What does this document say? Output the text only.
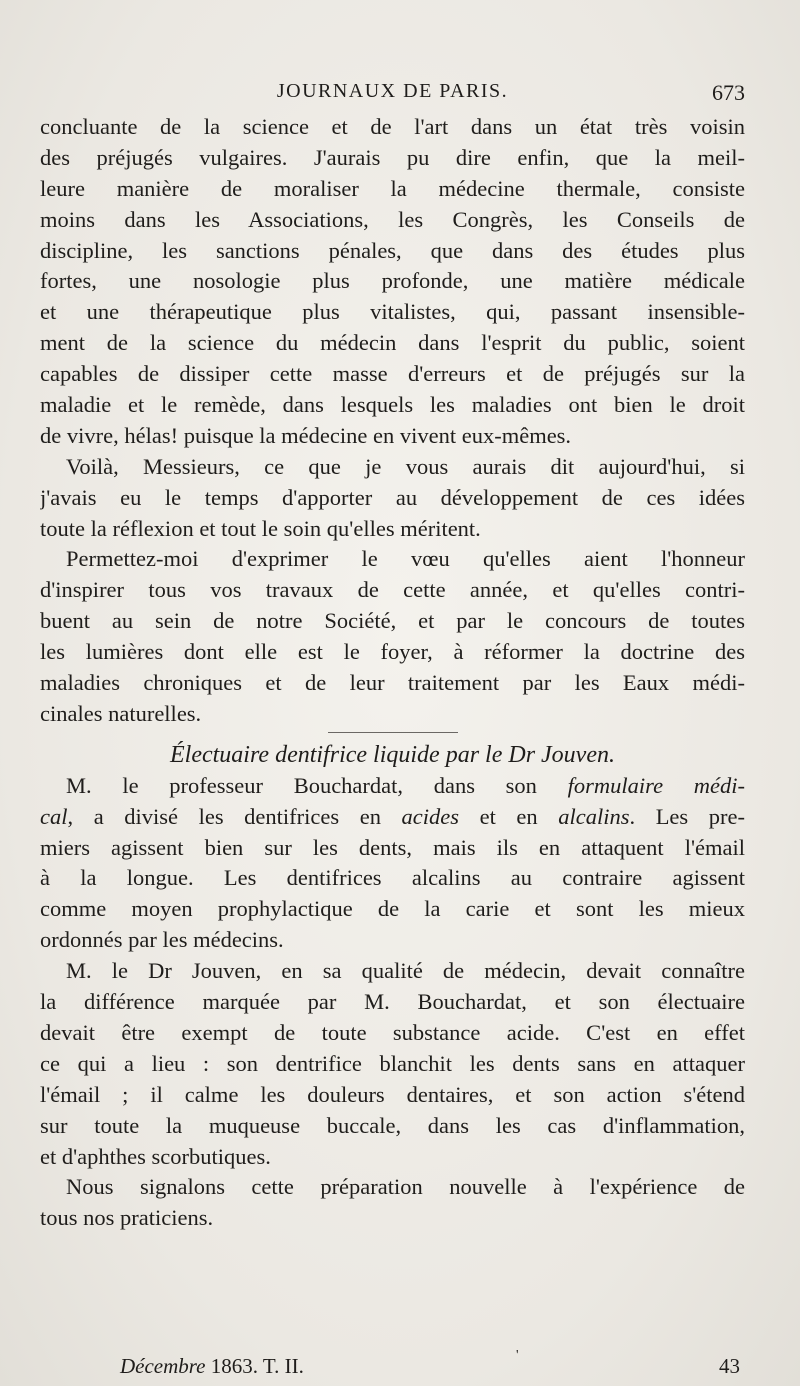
JOURNAUX DE PARIS.	673
concluante de la science et de l'art dans un état très voisin
des préjugés vulgaires. J'aurais pu dire enfin, que la meil-
leure manière de moraliser la médecine thermale, consiste
moins dans les Associations, les Congrès, les Conseils de
discipline, les sanctions pénales, que dans des études plus
fortes, une nosologie plus profonde, une matière médicale
et une thérapeutique plus vitalistes, qui, passant insensible-
ment de la science du médecin dans l'esprit du public, soient
capables de dissiper cette masse d'erreurs et de préjugés sur la
maladie et le remède, dans lesquels les maladies ont bien le droit
de vivre, hélas! puisque la médecine en vivent eux-mêmes.
Voilà, Messieurs, ce que je vous aurais dit aujourd'hui, si
j'avais eu le temps d'apporter au développement de ces idées
toute la réflexion et tout le soin qu'elles méritent.
Permettez-moi d'exprimer le vœu qu'elles aient l'honneur
d'inspirer tous vos travaux de cette année, et qu'elles contri-
buent au sein de notre Société, et par le concours de toutes
les lumières dont elle est le foyer, à réformer la doctrine des
maladies chroniques et de leur traitement par les Eaux médi-
cinales naturelles.
Électuaire dentifrice liquide par le Dr Jouven.
M. le professeur Bouchardat, dans son formulaire médi-
cal, a divisé les dentifrices en acides et en alcalins. Les pre-
miers agissent bien sur les dents, mais ils en attaquent l'émail
à la longue. Les dentifrices alcalins au contraire agissent
comme moyen prophylactique de la carie et sont les mieux
ordonnés par les médecins.
M. le Dr Jouven, en sa qualité de médecin, devait connaître
la différence marquée par M. Bouchardat, et son électuaire
devait être exempt de toute substance acide. C'est en effet
ce qui a lieu : son dentrifice blanchit les dents sans en attaquer
l'émail ; il calme les douleurs dentaires, et son action s'étend
sur toute la muqueuse buccale, dans les cas d'inflammation,
et d'aphthes scorbutiques.
Nous signalons cette préparation nouvelle à l'expérience de
tous nos praticiens.
Décembre 1863. T. II.	'	43
